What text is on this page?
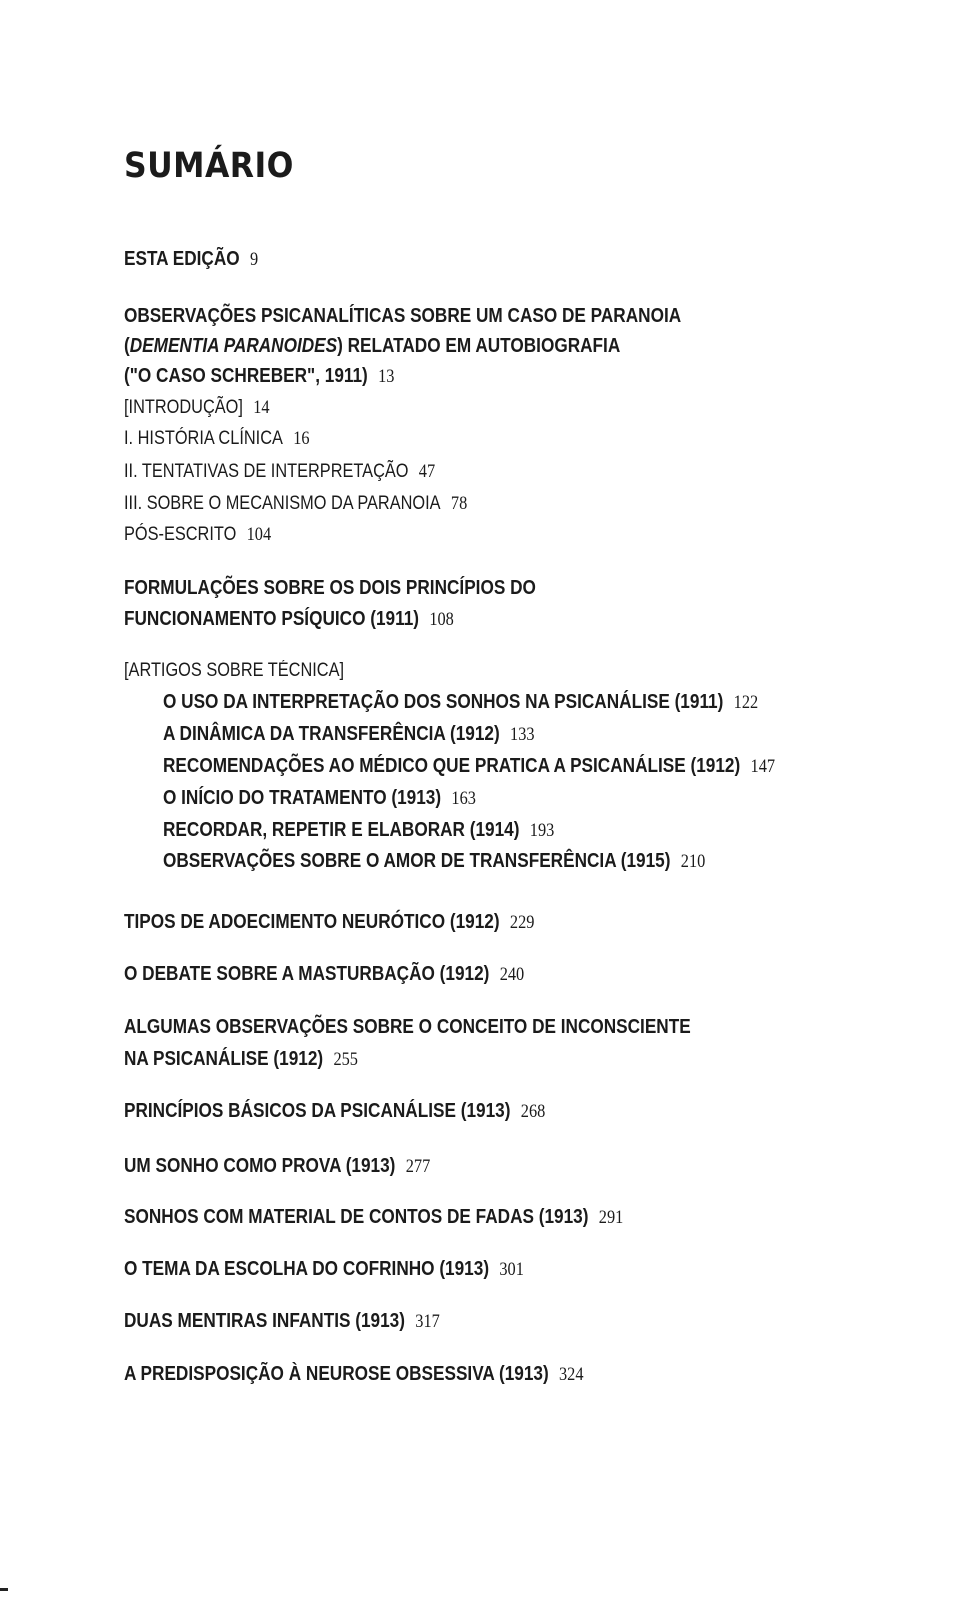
SUMÁRIO
ESTA EDIÇÃO 9
OBSERVAÇÕES PSICANALÍTICAS SOBRE UM CASO DE PARANOIA
(DEMENTIA PARANOIDES) RELATADO EM AUTOBIOGRAFIA
("O CASO SCHREBER", 1911) 13
[INTRODUÇÃO] 14
I. HISTÓRIA CLÍNICA 16
II. TENTATIVAS DE INTERPRETAÇÃO 47
III. SOBRE O MECANISMO DA PARANOIA 78
PÓS-ESCRITO 104
FORMULAÇÕES SOBRE OS DOIS PRINCÍPIOS DO
FUNCIONAMENTO PSÍQUICO (1911) 108
[ARTIGOS SOBRE TÉCNICA]
O USO DA INTERPRETAÇÃO DOS SONHOS NA PSICANÁLISE (1911) 122
A DINÂMICA DA TRANSFERÊNCIA (1912) 133
RECOMENDAÇÕES AO MÉDICO QUE PRATICA A PSICANÁLISE (1912) 147
O INÍCIO DO TRATAMENTO (1913) 163
RECORDAR, REPETIR E ELABORAR (1914) 193
OBSERVAÇÕES SOBRE O AMOR DE TRANSFERÊNCIA (1915) 210
TIPOS DE ADOECIMENTO NEURÓTICO (1912) 229
O DEBATE SOBRE A MASTURBAÇÃO (1912) 240
ALGUMAS OBSERVAÇÕES SOBRE O CONCEITO DE INCONSCIENTE
NA PSICANÁLISE (1912) 255
PRINCÍPIOS BÁSICOS DA PSICANÁLISE (1913) 268
UM SONHO COMO PROVA (1913) 277
SONHOS COM MATERIAL DE CONTOS DE FADAS (1913) 291
O TEMA DA ESCOLHA DO COFRINHO (1913) 301
DUAS MENTIRAS INFANTIS (1913) 317
A PREDISPOSIÇÃO À NEUROSE OBSESSIVA (1913) 324
